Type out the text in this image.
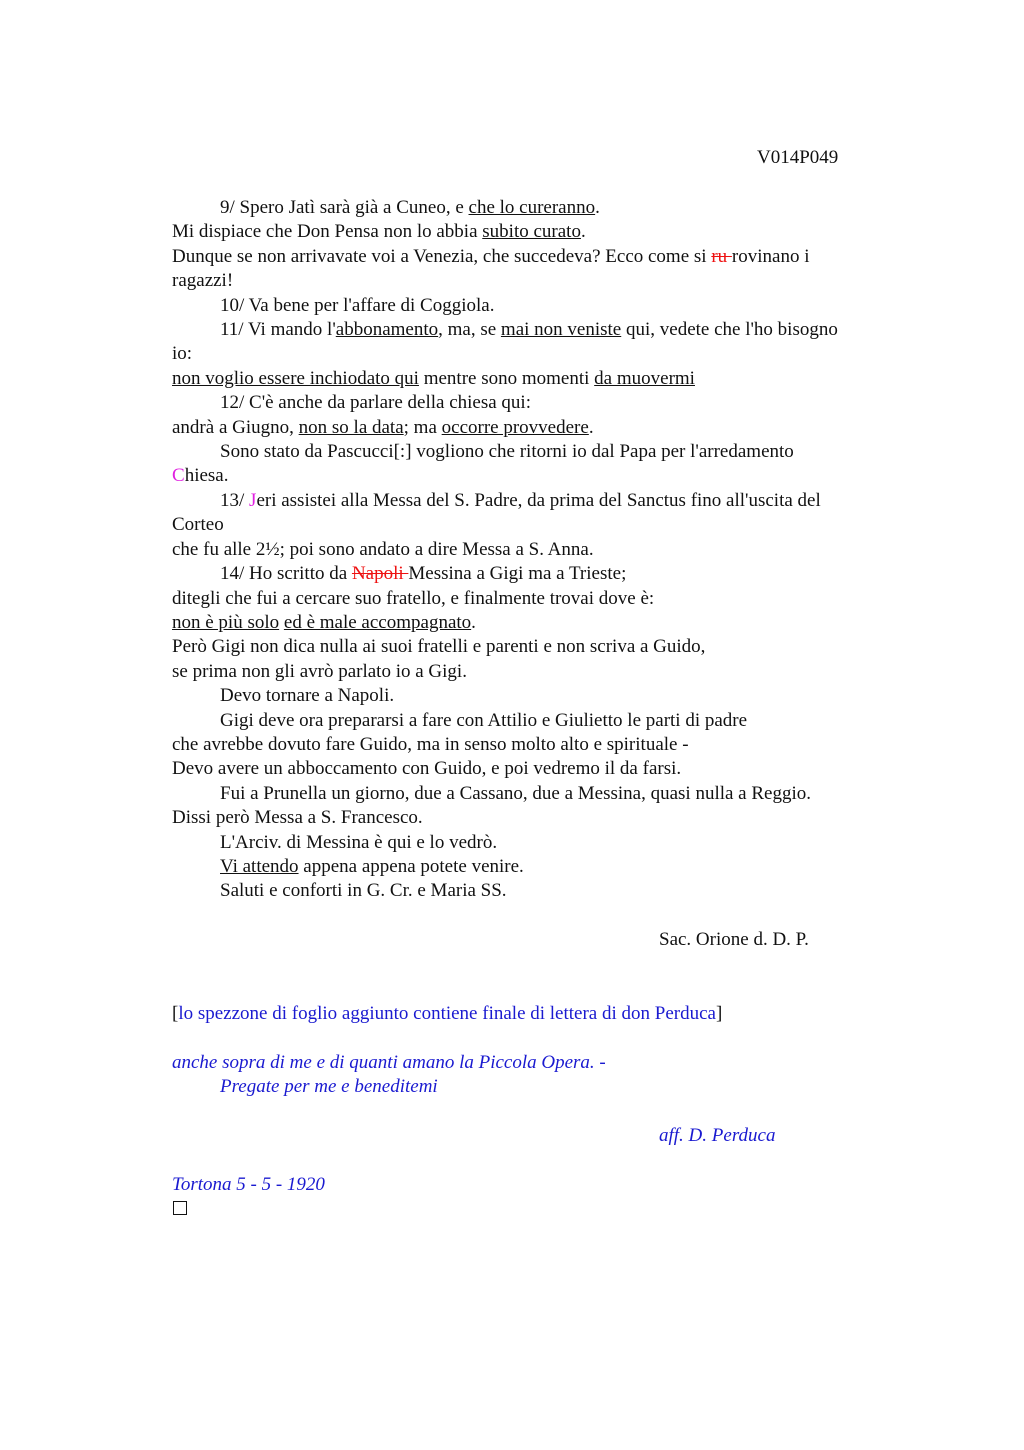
V014P049
9/ Spero Jatì sarà già a Cuneo, e che lo cureranno.
Mi dispiace che Don Pensa non lo abbia subito curato.
Dunque se non arrivavate voi a Venezia, che succedeva? Ecco come si ru rovinano i
ragazzi!
10/ Va bene per l'affare di Coggiola.
11/ Vi mando l'abbonamento, ma, se mai non veniste qui, vedete che l'ho bisogno
io:
non voglio essere inchiodato qui mentre sono momenti da muovermi
12/ C'è anche da parlare della chiesa qui:
andrà a Giugno, non so la data; ma occorre provvedere.
Sono stato da Pascucci[:] vogliono che ritorni io dal Papa per l'arredamento
Chiesa.
13/ Jeri assistei alla Messa del S. Padre, da prima del Sanctus fino all'uscita del
Corteo
che fu alle 2½; poi sono andato a dire Messa a S. Anna.
14/ Ho scritto da Napoli Messina a Gigi ma a Trieste;
ditegli che fui a cercare suo fratello, e finalmente trovai dove è:
non è più solo ed è male accompagnato.
Però Gigi non dica nulla ai suoi fratelli e parenti e non scriva a Guido,
se prima non gli avrò parlato io a Gigi.
Devo tornare a Napoli.
Gigi deve ora prepararsi a fare con Attilio e Giulietto le parti di padre
che avrebbe dovuto fare Guido, ma in senso molto alto e spirituale -
Devo avere un abboccamento con Guido, e poi vedremo il da farsi.
Fui a Prunella un giorno, due a Cassano, due a Messina, quasi nulla a Reggio.
Dissi però Messa a S. Francesco.
L'Arciv. di Messina è qui e lo vedrò.
Vi attendo appena appena potete venire.
Saluti e conforti in G. Cr. e Maria SS.
Sac. Orione d. D. P.
[lo spezzone di foglio aggiunto contiene finale di lettera di don Perduca]
anche sopra di me e di quanti amano la Piccola Opera. -
Pregate per me e beneditemi
aff. D. Perduca
Tortona 5 - 5 - 1920
